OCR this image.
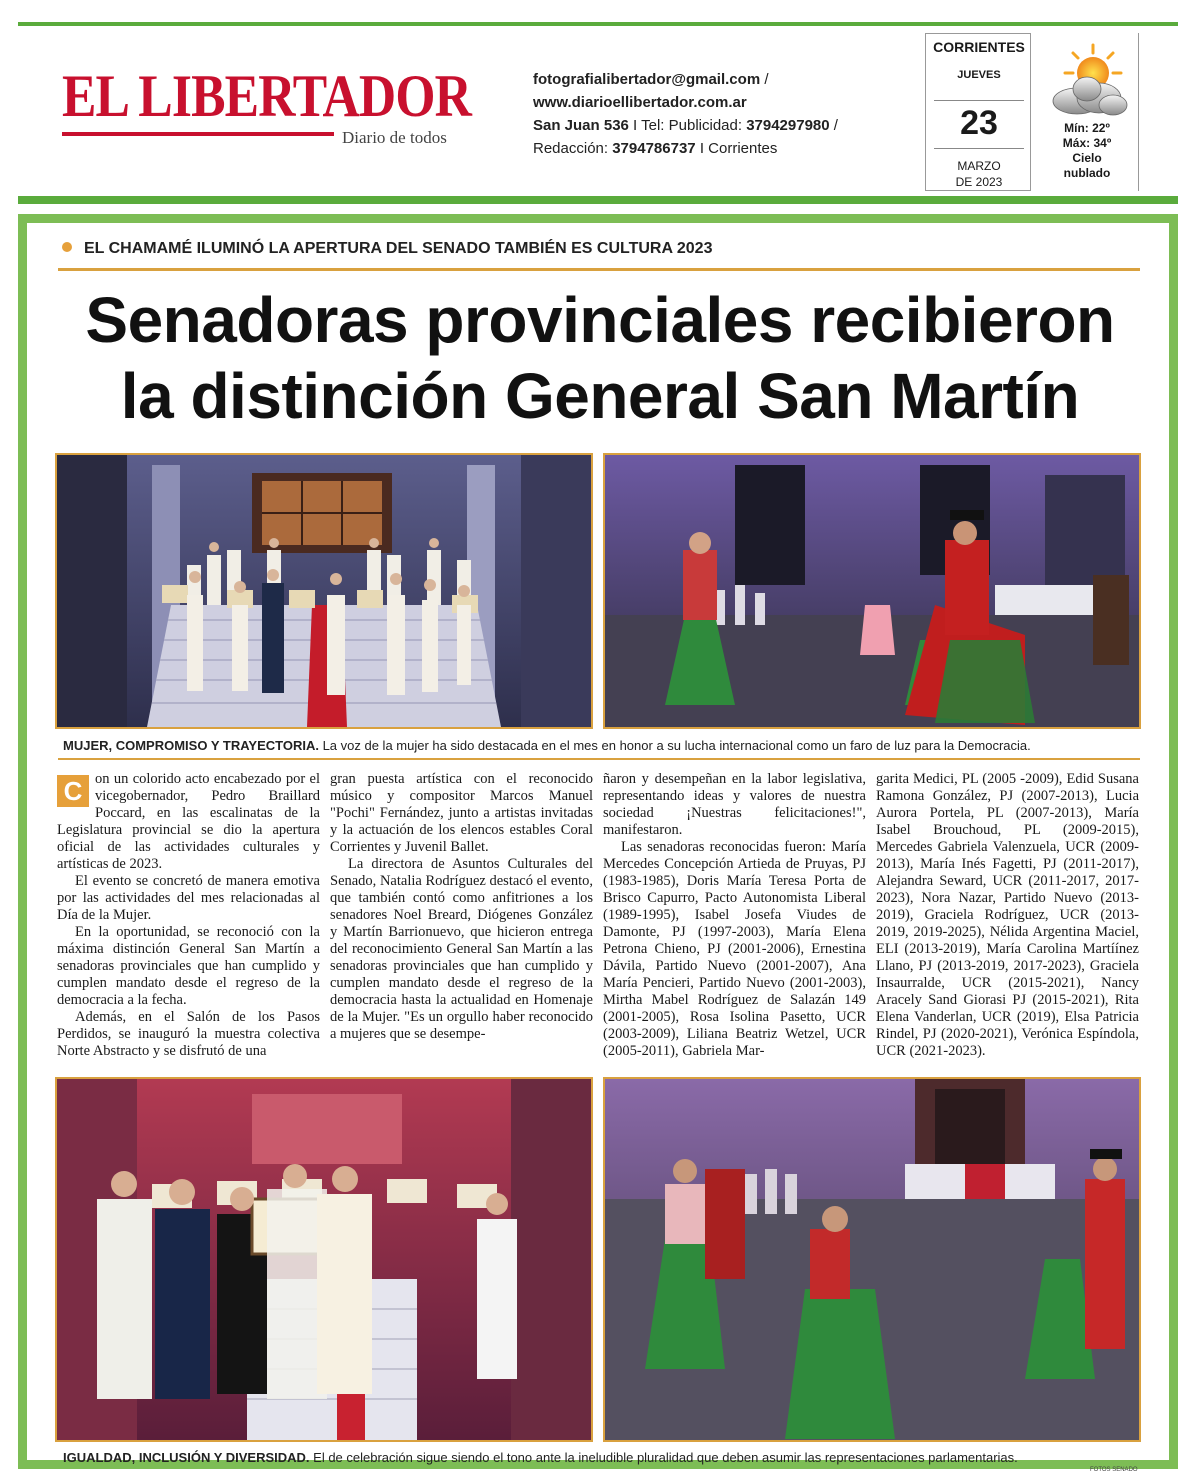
EL LIBERTADOR
Diario de todos
fotografialibertador@gmail.com /
www.diarioellibertador.com.ar
San Juan 536 I Tel: Publicidad: 3794297980 /
Redacción: 3794786737 I Corrientes
CORRIENTES
JUEVES
23
MARZO
DE 2023
Mín: 22º
Máx: 34º
Cielo
nublado
EL CHAMAMÉ ILUMINÓ LA APERTURA DEL SENADO TAMBIÉN ES CULTURA 2023
Senadoras provinciales recibieron
la distinción General San Martín
MUJER, COMPROMISO Y TRAYECTORIA. La voz de la mujer ha sido destacada en el mes en honor a su lucha internacional como un faro de luz para la Democracia.

C on un colorido acto encabezado por el vicegobernador, Pedro Braillard Poccard, en las escalinatas de la Legislatura provincial se dio la apertura oficial de las actividades culturales y artísticas de 2023.

El evento se concretó de manera emotiva por las actividades del mes relacionadas al Día de la Mujer.

En la oportunidad, se reconoció con la máxima distinción General San Martín a senadoras provinciales que han cumplido y cumplen mandato desde el regreso de la democracia a la fecha.

Además, en el Salón de los Pasos Perdidos, se inauguró la muestra colectiva Norte Abstracto y se disfrutó de una

gran puesta artística con el reconocido músico y compositor Marcos Manuel "Pochi" Fernández, junto a artistas invitadas y la actuación de los elencos estables Coral Corrientes y Juvenil Ballet.

La directora de Asuntos Culturales del Senado, Natalia Rodríguez destacó el evento, que también contó como anfitriones a los senadores Noel Breard, Diógenes González y Martín Barrionuevo, que hicieron entrega del reconocimiento General San Martín a las senadoras provinciales que han cumplido y cumplen mandato desde el regreso de la democracia hasta la actualidad en Homenaje de la Mujer. "Es un orgullo haber reconocido a mujeres que se desempe-

ñaron y desempeñan en la labor legislativa, representando ideas y valores de nuestra sociedad ¡Nuestras felicitaciones!", manifestaron.

Las senadoras reconocidas fueron: María Mercedes Concepción Artieda de Pruyas, PJ (1983-1985), Doris María Teresa Porta de Brisco Capurro, Pacto Autonomista Liberal (1989-1995), Isabel Josefa Viudes de Damonte, PJ (1997-2003), María Elena Petrona Chieno, PJ (2001-2006), Ernestina Dávila, Partido Nuevo (2001-2007), Ana María Pencieri, Partido Nuevo (2001-2003), Mirtha Mabel Rodríguez de Salazán 149 (2001-2005), Rosa Isolina Pasetto, UCR (2003-2009), Liliana Beatriz Wetzel, UCR (2005-2011), Gabriela Mar-

garita Medici, PL (2005 -2009), Edid Susana Ramona González, PJ (2007-2013), Lucia Aurora Portela, PL (2007-2013), María Isabel Brouchoud, PL (2009-2015), Mercedes Gabriela Valenzuela, UCR (2009-2013), María Inés Fagetti, PJ (2011-2017), Alejandra Seward, UCR (2011-2017, 2017-2023), Nora Nazar, Partido Nuevo (2013-2019), Graciela Rodríguez, UCR (2013-2019, 2019-2025), Nélida Argentina Maciel, ELI (2013-2019), María Carolina Martíínez Llano, PJ (2013-2019, 2017-2023), Graciela Insaurralde, UCR (2015-2021), Nancy Aracely Sand Giorasi PJ (2015-2021), Rita Elena Vanderlan, UCR (2019), Elsa Patricia Rindel, PJ (2020-2021), Verónica Espíndola, UCR (2021-2023).

IGUALDAD, INCLUSIÓN Y DIVERSIDAD. El de celebración sigue siendo el tono ante la ineludible pluralidad que deben asumir las representaciones parlamentarias.
FOTOS SENADO
